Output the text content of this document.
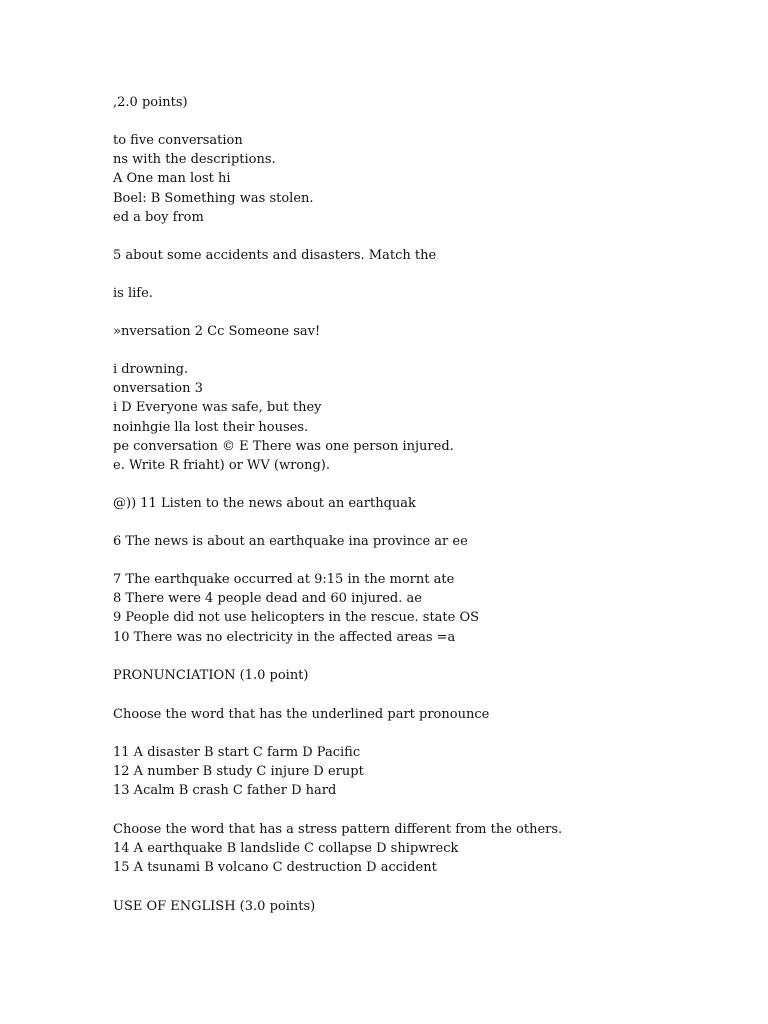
,2.0 points)
to five conversation
ns with the descriptions.
A One man lost hi
Boel: B Something was stolen.
ed a boy from
5 about some accidents and disasters. Match the
is life.
»nversation 2 Cc Someone sav!
i drowning.
onversation 3
i D Everyone was safe, but they
noinhgie lla lost their houses.
pe conversation © E There was one person injured.
e. Write R friaht) or WV (wrong).
@)) 11 Listen to the news about an earthquak
6 The news is about an earthquake ina province ar ee
7 The earthquake occurred at 9:15 in the mornt ate
8 There were 4 people dead and 60 injured. ae
9 People did not use helicopters in the rescue. state OS
10 There was no electricity in the affected areas =a
PRONUNCIATION (1.0 point)
Choose the word that has the underlined part pronounce
11 A disaster B start C farm D Pacific
12 A number B study C injure D erupt
13 Acalm B crash C father D hard
Choose the word that has a stress pattern different from the others.
14 A earthquake B landslide C collapse D shipwreck
15 A tsunami B volcano C destruction D accident
USE OF ENGLISH (3.0 points)
